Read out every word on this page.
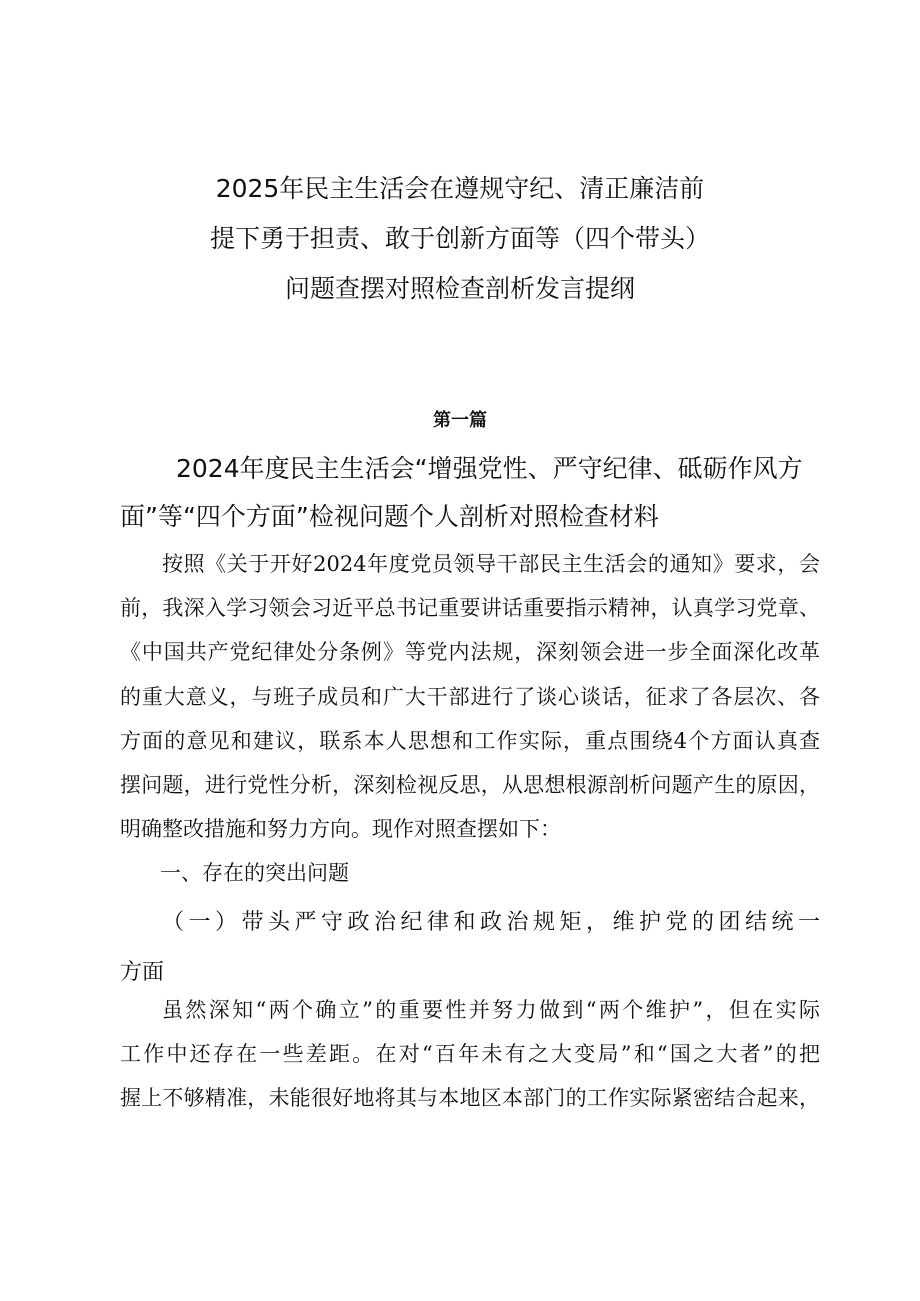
2025年民主生活会在遵规守纪、清正廉洁前
提下勇于担责、敢于创新方面等（四个带头）
问题查摆对照检查剖析发言提纲
第一篇
2024年度民主生活会“增强党性、严守纪律、砥砺作风方
面”等“四个方面”检视问题个人剖析对照检查材料
按照《关于开好2024年度党员领导干部民主生活会的通知》要求，会
前，我深入学习领会习近平总书记重要讲话重要指示精神，认真学习党章、
《中国共产党纪律处分条例》等党内法规，深刻领会进一步全面深化改革
的重大意义，与班子成员和广大干部进行了谈心谈话，征求了各层次、各
方面的意见和建议，联系本人思想和工作实际，重点围绕4个方面认真查
摆问题，进行党性分析，深刻检视反思，从思想根源剖析问题产生的原因，
明确整改措施和努力方向。现作对照查摆如下：
一、存在的突出问题
（一）带头严守政治纪律和政治规矩，维护党的团结统一
方面
虽然深知“两个确立”的重要性并努力做到“两个维护”，但在实际
工作中还存在一些差距。在对“百年未有之大变局”和“国之大者”的把
握上不够精准，未能很好地将其与本地区本部门的工作实际紧密结合起来，
